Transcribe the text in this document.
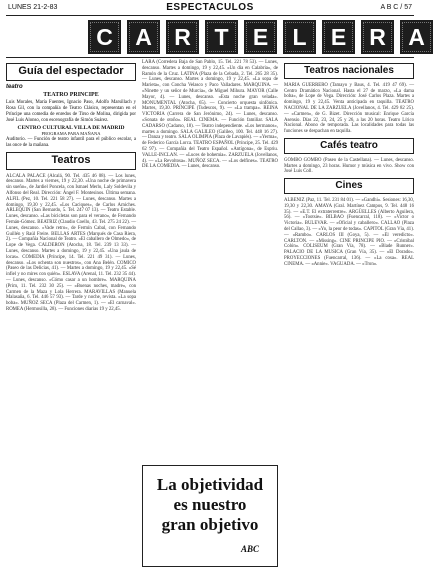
LUNES 21-2-83	ESPECTACULOS	A B C / 57
C A R T E L E R A
Guía del espectador
teatro
TEATRO PRINCIPE

Luis Morales, María Fuentes, Ignacio Paso, Adolfo Marsillach y Rosa Gil, con la compañía de Teatro Clásico, representan en el Príncipe una comedia de enredos de Tirso de Molina, dirigida por José Luis Alonso, con escenografía de Simón Suárez.

CENTRO CULTURAL VILLA DE MADRID
PROGRAMA PARA MAÑANA

Auditorio. — Función de teatro infantil para el público escolar, a las once de la mañana.

Teatros

ALCALA PALACE (Alcalá, 90. Tel. 435 46 08). — Los lunes, descanso. Martes a viernes, 19 y 22,30. «Una noche de primavera sin sueño», de Jardiel Poncela, con Ismael Merlo, Laly Soldevila y Alfonso del Real. Dirección: Ángel F. Montesinos. Última semana. ALFIL (Pez, 10. Tel. 221 58 27). — Lunes, descanso. Martes a domingo, 19,30 y 22,45. «Los Caciques», de Carlos Arniches. ARLEQUIN (San Bernardo, 5. Tel. 247 07 13). — Teatro Estable. Lunes, descanso. «Las bicicletas son para el verano», de Fernando Fernán-Gómez. BEATRIZ (Claudio Coello, 43. Tel. 275 24 22). — Lunes, descanso. «Vade retro», de Fermín Cabal, con Fernando Guillén y Raúl Freire. BELLAS ARTES (Marqués de Casa Riera, 2). — Compañía Nacional de Teatro. «El caballero de Olmedo», de Lope de Vega. CALDERON (Atocha, 18. Tel. 239 13 33). — Lunes, descanso. Martes a domingo, 19 y 22,45. «Una jaula de locas». COMEDIA (Príncipe, 14. Tel. 221 49 31). — Lunes, descanso. «Los ochenta son nuestros», con Ana Belén. COMICO (Paseo de las Delicias, 41). — Martes a domingo, 19 y 22,45. «Sé infiel y no mires con quién». ESLAVA (Arenal, 11. Tel. 232 35 44). — Lunes, descanso. «Cómo casar a un hombre». MARQUINA (Prim, 11. Tel. 232 30 25). — «Buenas noches, madre», con Carmen de la Maza y Lola Herrera. MARAVILLAS (Manuela Malasaña, 6. Tel. 446 57 93). — Tarde y noche, revista. «La sopa boba». MUÑOZ SECA (Plaza del Carmen, 1). — «El carnaval». ROMEA (Hermosilla, 28). — Funciones diarias 19 y 22,45.

LARA (Corredera Baja de San Pablo, 15. Tel. 221 78 53). — Lunes, descanso. Martes a domingo, 19 y 22,45. «Un día en Calabria», de Ramón de la Cruz. LATINA (Plaza de la Cebada, 2. Tel. 265 28 35). — Lunes, descanso. Martes a domingo, 19 y 22,45. «La sopa de Marieta», con Concha Velasco y Paco Valladares. MARQUINA. — «Ninette y un señor de Murcia», de Miguel Mihura. MAYOR (Calle Mayor, 4). — Lunes, descanso. «Esta noche gran velada». MONUMENTAL (Atocha, 65). — Concierto orquesta sinfónica. Martes, 19,30. PRINCIPE (Tudescos, 9). — «La trampa». REINA VICTORIA (Carrera de San Jerónimo, 24). — Lunes, descanso. «Sonata de otoño». REAL CINEMA. — Función familiar. SALA CADARSO (Cadarso, 18). — Teatro independiente. «Los hermanos», martes a domingo. SALA GALILEO (Galileo, 100. Tel. 448 16 27). — Danza y teatro. SALA OLIMPIA (Plaza de Lavapiés). — «Yerma», de Federico García Lorca. TEATRO ESPAÑOL (Príncipe, 25. Tel. 429 62 97). — Compañía del Teatro Español. «Antígona», de Espriu. VALLE-INCLAN. — «Luces de bohemia». ZARZUELA (Jovellanos, 4). — «La Revoltosa». MUÑOZ SECA. — «Los delfines». TEATRO DE LA COMEDIA. — Lunes, descanso.

La objetividad
es nuestro
gran objetivo
ABC
Teatros nacionales

MARIA GUERRERO (Tamayo y Baus, 4. Tel. 419 47 69). — Centro Dramático Nacional. Hasta el 27 de marzo, «La dama boba», de Lope de Vega. Dirección: José Carlos Plaza. Martes a domingo, 19 y 22,45. Venta anticipada en taquilla. TEATRO NACIONAL DE LA ZARZUELA (Jovellanos, 4. Tel. 429 82 25). — «Carmen», de G. Bizet. Dirección musical: Enrique García Asensio. Días 22, 23, 24, 25 y 26, a las 20 horas. Teatro Lírico Nacional. Abono de temporada. Las localidades para todas las funciones se despachan en taquilla.

Cafés teatro

GOMBO GOMBO (Paseo de la Castellana). — Lunes, descanso. Martes a domingo, 23 horas. Humor y música en vivo. Show con José Luis Coll.

Cines

ALBENIZ (Paz, 11. Tel. 231 84 01). — «Gandhi». Sesiones: 16,30, 19,30 y 22,30. AMAYA (Gral. Martínez Campos, 9. Tel. 448 16 35). — «E.T. El extraterrestre». ARGÜELLES (Alberto Aguilera, 56). — «Tootsie». BILBAO (Fuencarral, 118). — «Victor o Victoria». BULEVAR. — «Oficial y caballero». CALLAO (Plaza del Callao, 3). — «Yo, la peor de todas». CAPITOL (Gran Vía, 41). — «Rambo». CARLOS III (Goya, 5). — «El veredicto». CARLTON. — «Missing». CINE PRINCIPE PIO. — «Cristóbal Colón». COLISEUM (Gran Vía, 78). — «Blade Runner». PALACIO DE LA MUSICA (Gran Vía, 35). — «El Dorado». PROYECCIONES (Fuencarral, 136). — «La cosa». REAL CINEMA. — «Annie». VAGUADA. — «Tron».
